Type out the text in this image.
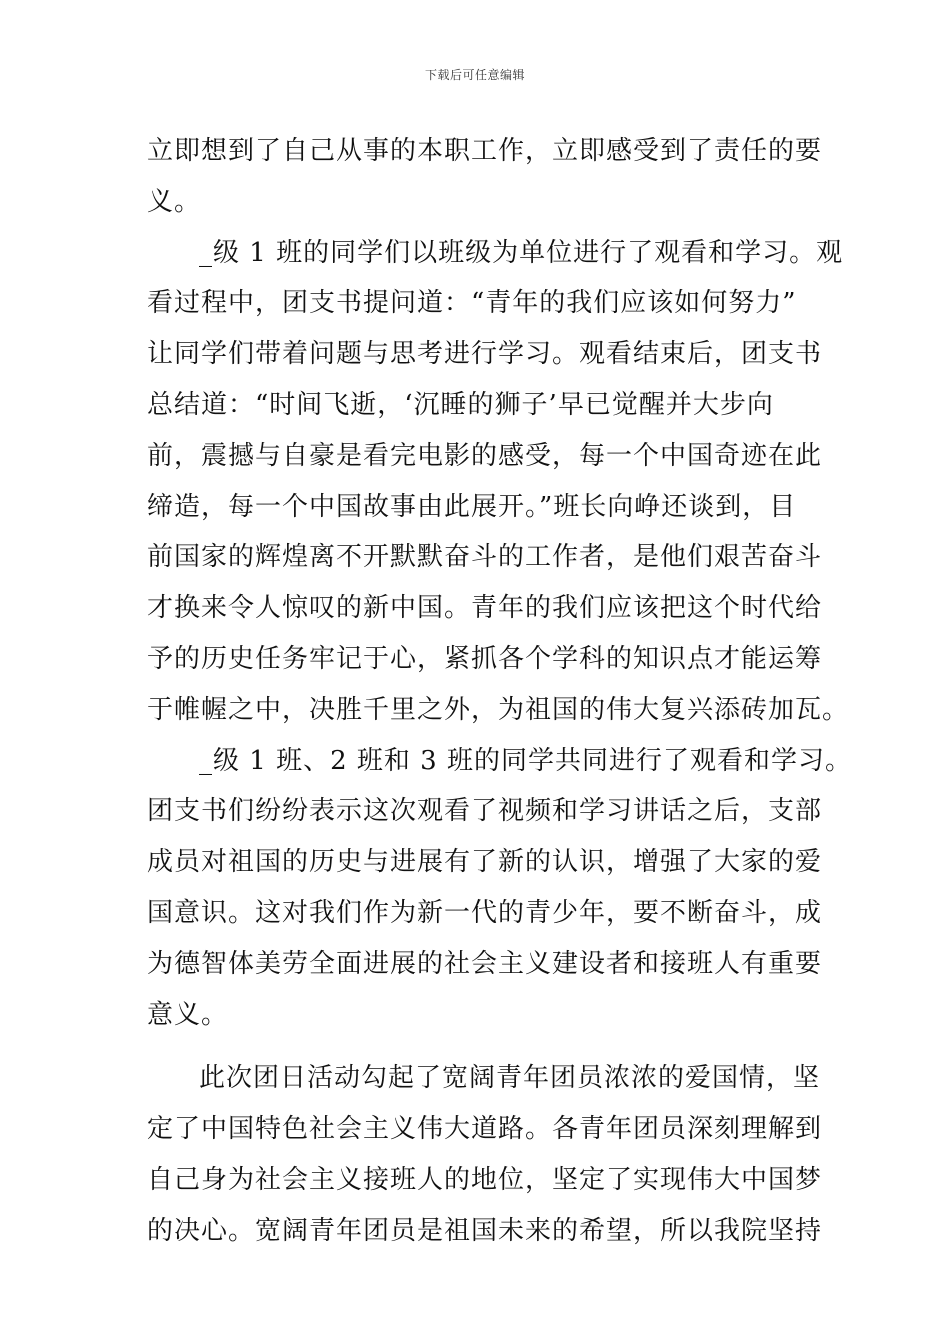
下载后可任意编辑
立即想到了自己从事的本职工作，立即感受到了责任的要
义。
_级 1 班的同学们以班级为单位进行了观看和学习。观
看过程中，团支书提问道：“青年的我们应该如何努力”
让同学们带着问题与思考进行学习。观看结束后，团支书
总结道：“时间飞逝，‘沉睡的狮子’早已觉醒并大步向
前，震撼与自豪是看完电影的感受，每一个中国奇迹在此
缔造，每一个中国故事由此展开。”班长向峥还谈到，目
前国家的辉煌离不开默默奋斗的工作者，是他们艰苦奋斗
才换来令人惊叹的新中国。青年的我们应该把这个时代给
予的历史任务牢记于心，紧抓各个学科的知识点才能运筹
于帷幄之中，决胜千里之外，为祖国的伟大复兴添砖加瓦。
_级 1 班、2 班和 3 班的同学共同进行了观看和学习。
团支书们纷纷表示这次观看了视频和学习讲话之后，支部
成员对祖国的历史与进展有了新的认识，增强了大家的爱
国意识。这对我们作为新一代的青少年，要不断奋斗，成
为德智体美劳全面进展的社会主义建设者和接班人有重要
意义。
此次团日活动勾起了宽阔青年团员浓浓的爱国情，坚
定了中国特色社会主义伟大道路。各青年团员深刻理解到
自己身为社会主义接班人的地位，坚定了实现伟大中国梦
的决心。宽阔青年团员是祖国未来的希望，所以我院坚持
